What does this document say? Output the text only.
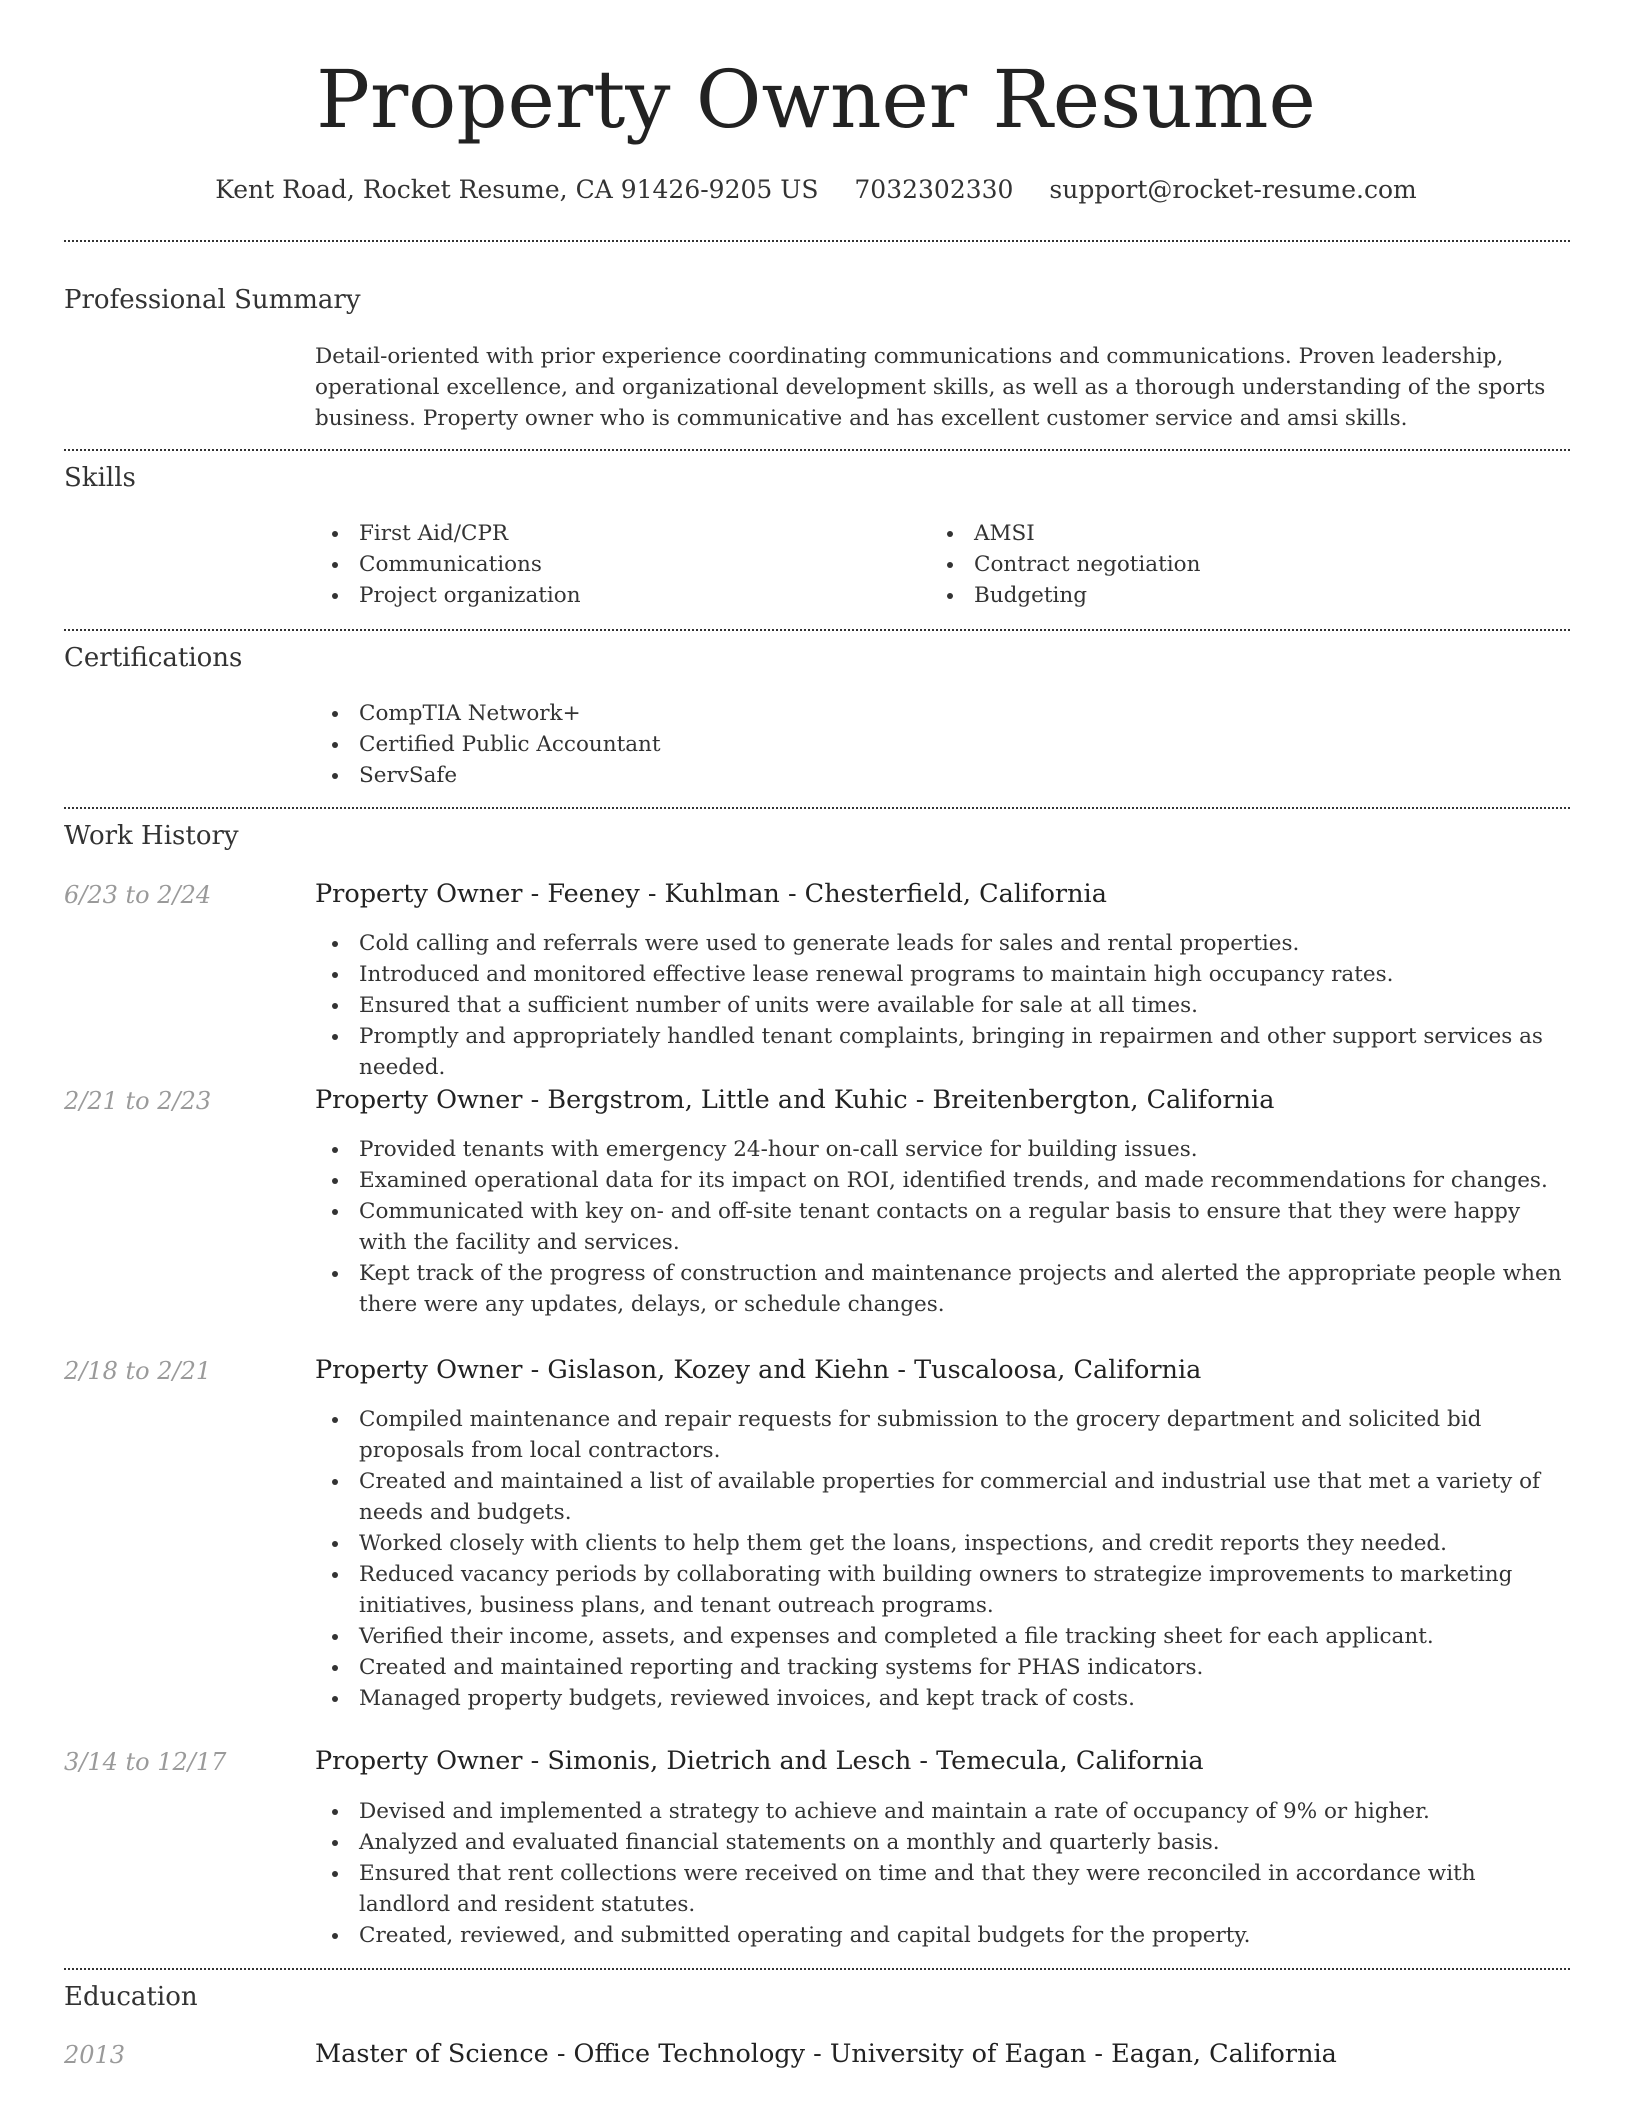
Property Owner Resume
Kent Road, Rocket Resume, CA 91426-9205 US 7032302330 support@rocket-resume.com
Professional Summary

Detail-oriented with prior experience coordinating communications and communications. Proven leadership, operational excellence, and organizational development skills, as well as a thorough understanding of the sports business. Property owner who is communicative and has excellent customer service and amsi skills.

Skills
First Aid/CPR
Communications
Project organization
AMSI
Contract negotiation
Budgeting
Certifications
CompTIA Network+
Certified Public Accountant
ServSafe
Work History
6/23 to 2/24	Property Owner - Feeney - Kuhlman - Chesterfield, California
Cold calling and referrals were used to generate leads for sales and rental properties.
Introduced and monitored effective lease renewal programs to maintain high occupancy rates.
Ensured that a sufficient number of units were available for sale at all times.
Promptly and appropriately handled tenant complaints, bringing in repairmen and other support services as needed.
2/21 to 2/23	Property Owner - Bergstrom, Little and Kuhic - Breitenbergton, California
Provided tenants with emergency 24-hour on-call service for building issues.
Examined operational data for its impact on ROI, identified trends, and made recommendations for changes.
Communicated with key on- and off-site tenant contacts on a regular basis to ensure that they were happy with the facility and services.
Kept track of the progress of construction and maintenance projects and alerted the appropriate people when there were any updates, delays, or schedule changes.
2/18 to 2/21	Property Owner - Gislason, Kozey and Kiehn - Tuscaloosa, California
Compiled maintenance and repair requests for submission to the grocery department and solicited bid proposals from local contractors.
Created and maintained a list of available properties for commercial and industrial use that met a variety of needs and budgets.
Worked closely with clients to help them get the loans, inspections, and credit reports they needed.
Reduced vacancy periods by collaborating with building owners to strategize improvements to marketing initiatives, business plans, and tenant outreach programs.
Verified their income, assets, and expenses and completed a file tracking sheet for each applicant.
Created and maintained reporting and tracking systems for PHAS indicators.
Managed property budgets, reviewed invoices, and kept track of costs.
3/14 to 12/17	Property Owner - Simonis, Dietrich and Lesch - Temecula, California
Devised and implemented a strategy to achieve and maintain a rate of occupancy of 9% or higher.
Analyzed and evaluated financial statements on a monthly and quarterly basis.
Ensured that rent collections were received on time and that they were reconciled in accordance with landlord and resident statutes.
Created, reviewed, and submitted operating and capital budgets for the property.
Education
2013	Master of Science - Office Technology - University of Eagan - Eagan, California
